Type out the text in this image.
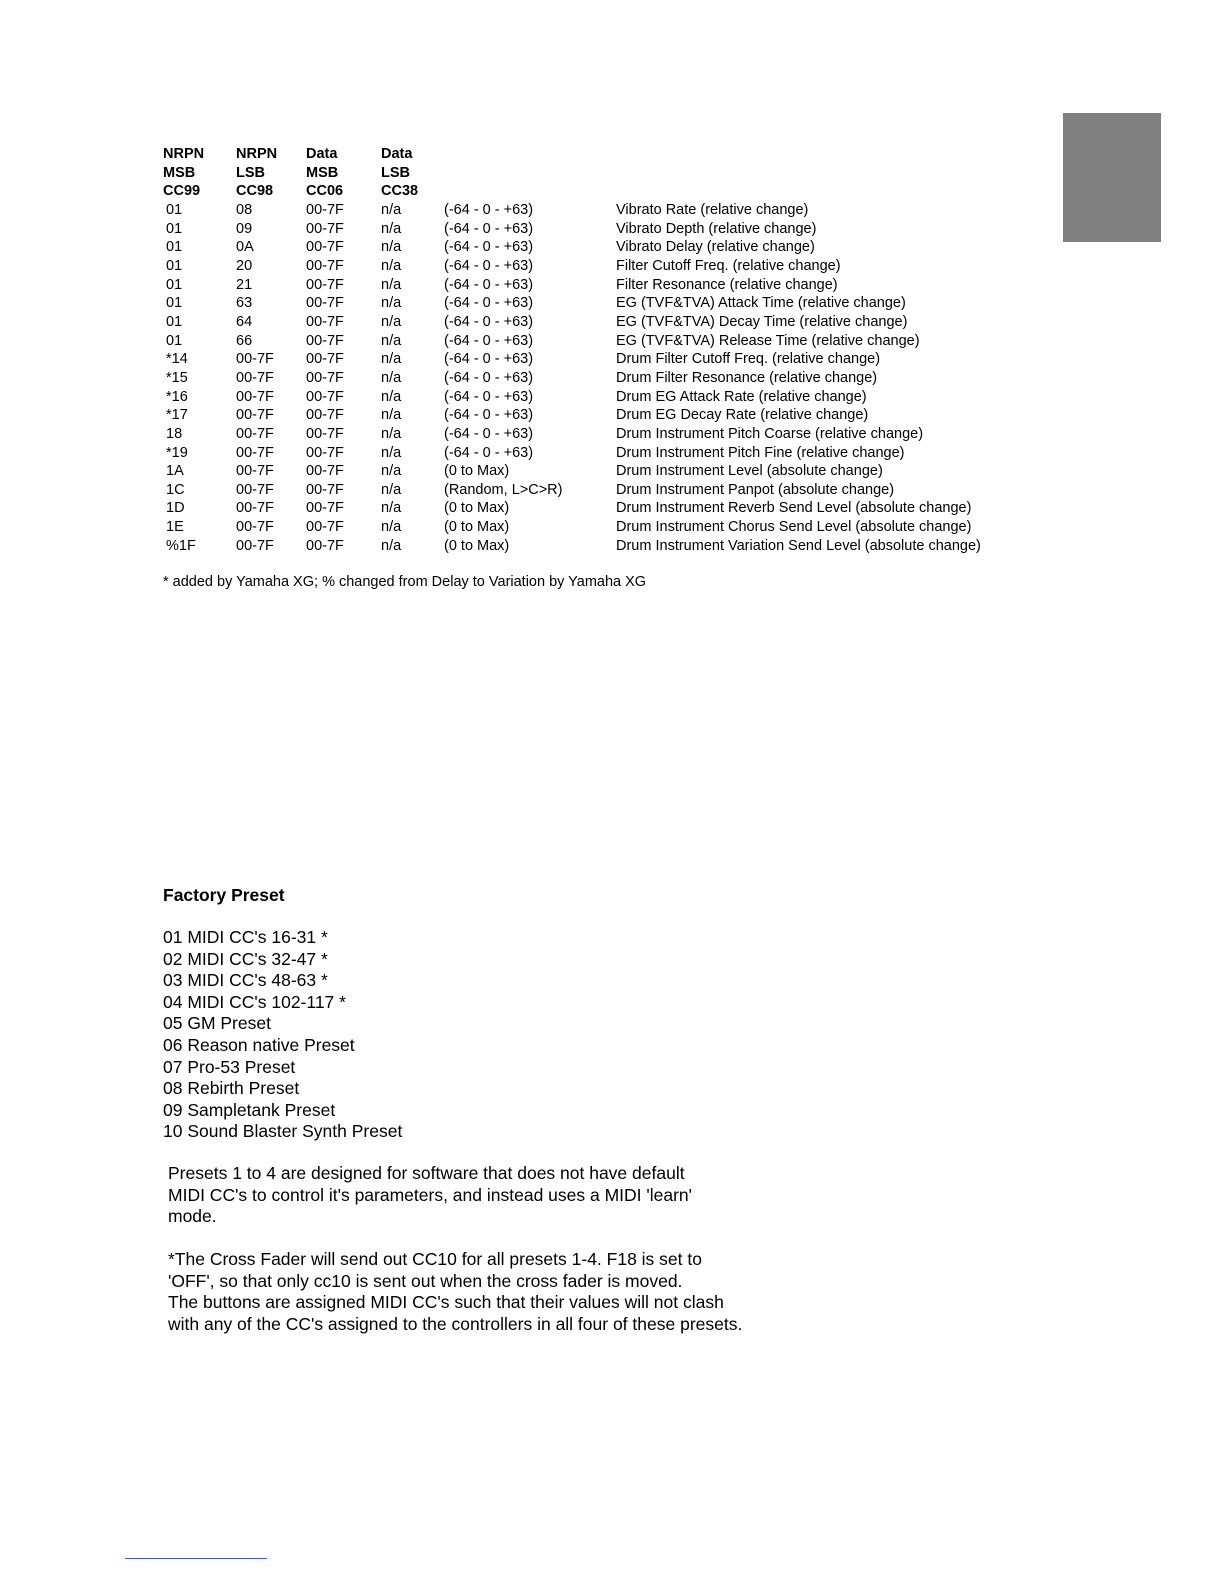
NRPN	NRPN	Data	Data		
MSB	LSB	MSB	LSB		
CC99	CC98	CC06	CC38		
01	08	00-7F	n/a	(-64 - 0 - +63)	Vibrato Rate (relative change)
01	09	00-7F	n/a	(-64 - 0 - +63)	Vibrato Depth (relative change)
01	0A	00-7F	n/a	(-64 - 0 - +63)	Vibrato Delay (relative change)
01	20	00-7F	n/a	(-64 - 0 - +63)	Filter Cutoff Freq. (relative change)
01	21	00-7F	n/a	(-64 - 0 - +63)	Filter Resonance (relative change)
01	63	00-7F	n/a	(-64 - 0 - +63)	EG (TVF&TVA) Attack Time (relative change)
01	64	00-7F	n/a	(-64 - 0 - +63)	EG (TVF&TVA) Decay Time (relative change)
01	66	00-7F	n/a	(-64 - 0 - +63)	EG (TVF&TVA) Release Time (relative change)
*14	00-7F	00-7F	n/a	(-64 - 0 - +63)	Drum Filter Cutoff Freq. (relative change)
*15	00-7F	00-7F	n/a	(-64 - 0 - +63)	Drum Filter Resonance (relative change)
*16	00-7F	00-7F	n/a	(-64 - 0 - +63)	Drum EG Attack Rate (relative change)
*17	00-7F	00-7F	n/a	(-64 - 0 - +63)	Drum EG Decay Rate (relative change)
18	00-7F	00-7F	n/a	(-64 - 0 - +63)	Drum Instrument Pitch Coarse (relative change)
*19	00-7F	00-7F	n/a	(-64 - 0 - +63)	Drum Instrument Pitch Fine (relative change)
1A	00-7F	00-7F	n/a	(0 to Max)	Drum Instrument Level (absolute change)
1C	00-7F	00-7F	n/a	(Random, L>C>R)	Drum Instrument Panpot (absolute change)
1D	00-7F	00-7F	n/a	(0 to Max)	Drum Instrument Reverb Send Level (absolute change)
1E	00-7F	00-7F	n/a	(0 to Max)	Drum Instrument Chorus Send Level (absolute change)
%1F	00-7F	00-7F	n/a	(0 to Max)	Drum Instrument Variation Send Level (absolute change)
* added by Yamaha XG; % changed from Delay to Variation by Yamaha XG
Factory Preset
01 MIDI CC's 16-31 *
02 MIDI CC's 32-47 *
03 MIDI CC's 48-63 *
04 MIDI CC's 102-117 *
05 GM Preset
06 Reason native Preset
07 Pro-53 Preset
08 Rebirth Preset
09 Sampletank Preset
10 Sound Blaster Synth Preset

Presets 1 to 4 are designed for software that does not have default
MIDI CC's to control it's parameters, and instead uses a MIDI 'learn'
mode.

*The Cross Fader will send out CC10 for all presets 1-4. F18 is set to
'OFF', so that only cc10 is sent out when the cross fader is moved.
The buttons are assigned MIDI CC's such that their values will not clash
with any of the CC's assigned to the controllers in all four of these presets.
